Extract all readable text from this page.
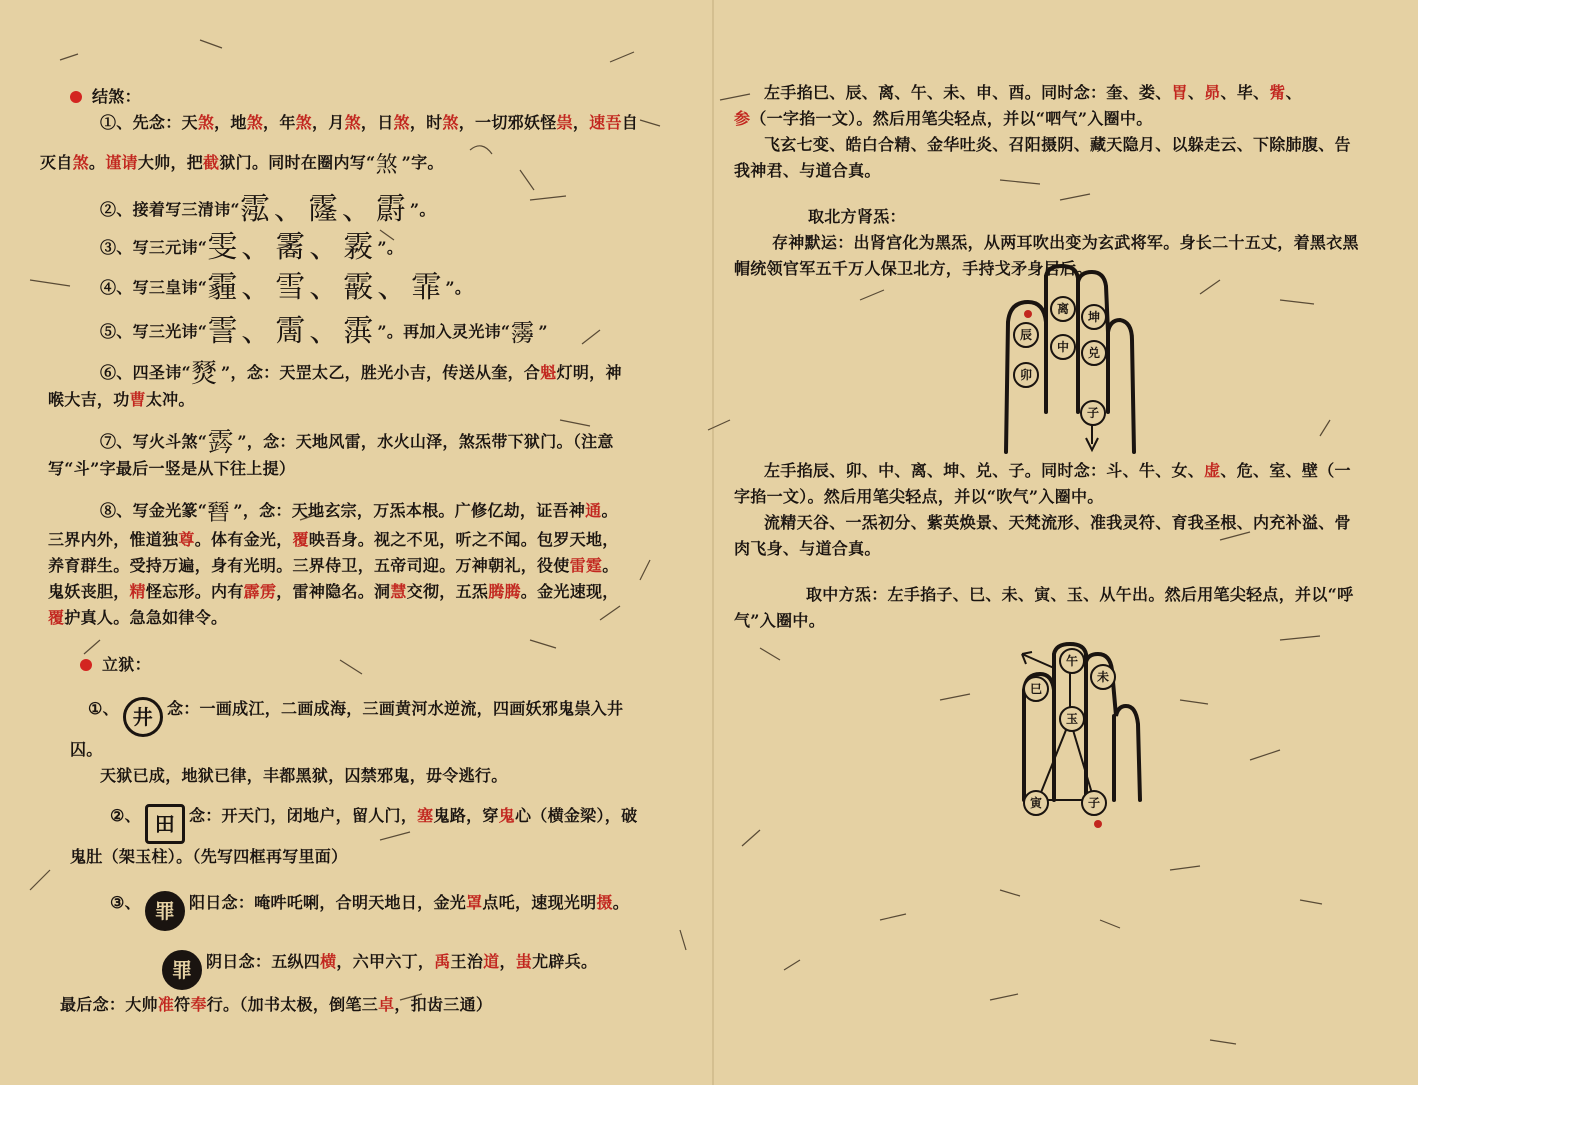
结煞：
①、先念：天煞，地煞，年煞，月煞，日煞，时煞，一切邪妖怪祟，速吾自
灭自煞。谨请大帅，把截狱门。同时在圈内写“煞”字。
②、接着写三清讳“霐、霳、霨”。
③、写三元讳“雯、霱、霚”。
④、写三皇讳“霾、雪、霰、霏”。
⑤、写三光讳“霅、霌、霟”。再加入灵光讳“霶”
⑥、四圣讳“燹”，念：天罡太乙，胜光小吉，传送从奎，合魁灯明，神
喉大吉，功曹太冲。
⑦、写火斗煞“霠”，念：天地风雷，水火山泽，煞炁带下狱门。（注意
写“斗”字最后一竖是从下往上提）
⑧、写金光篆“㬜”，念：天地玄宗，万炁本根。广修亿劫，证吾神通。
三界内外，惟道独尊。体有金光，覆映吾身。视之不见，听之不闻。包罗天地，
养育群生。受持万遍，身有光明。三界侍卫，五帝司迎。万神朝礼，役使雷霆。
鬼妖丧胆，精怪忘形。内有霹雳，雷神隐名。洞慧交彻，五炁腾腾。金光速现，
覆护真人。急急如律令。
立狱：
①、 井 念：一画成江，二画成海，三画黄河水逆流，四画妖邪鬼祟入井
囚。
天狱已成，地狱已律，丰都黑狱，囚禁邪鬼，毋令逃行。
②、 田 念：开天门，闭地户，留人门，塞鬼路，穿鬼心（横金梁），破
鬼肚（架玉柱）。（先写四框再写里面）
③、 罪 阳日念：唵吽吒唎，合明天地日，金光罩点吒，速现光明摄。
罪 阴日念：五纵四横，六甲六丁，禹王治道，蚩尤辟兵。
最后念：大帅准符奉行。（加书太极，倒笔三卓，扣齿三通）
左手掐巳、辰、离、午、未、申、酉。同时念：奎、娄、胃、昴、毕、觜、
参（一字掐一文）。然后用笔尖轻点，并以“呬气”入圈中。
飞玄七变、皓白合精、金华吐炎、召阳摄阴、藏天隐月、以躲走云、下除肺腹、告我神君、与道合真。
取北方肾炁：
存神默运：出肾宫化为黑炁，从两耳吹出变为玄武将军。身长二十五丈，着黑衣黑帽统领官军五千万人保卫北方，手持戈矛身居后。
辰
卯
离
中
坤
兑
子
左手掐辰、卯、中、离、坤、兑、子。同时念：斗、牛、女、虚、危、室、壁（一字掐一文）。然后用笔尖轻点，并以“吹气”入圈中。
流精天谷、一炁初分、紫英焕景、天梵流形、准我灵符、育我圣根、内充补溢、骨肉飞身、与道合真。
取中方炁：左手掐子、巳、未、寅、玉、从午出。然后用笔尖轻点，并以“呼气”入圈中。
午
未
巳
玉
寅	子
